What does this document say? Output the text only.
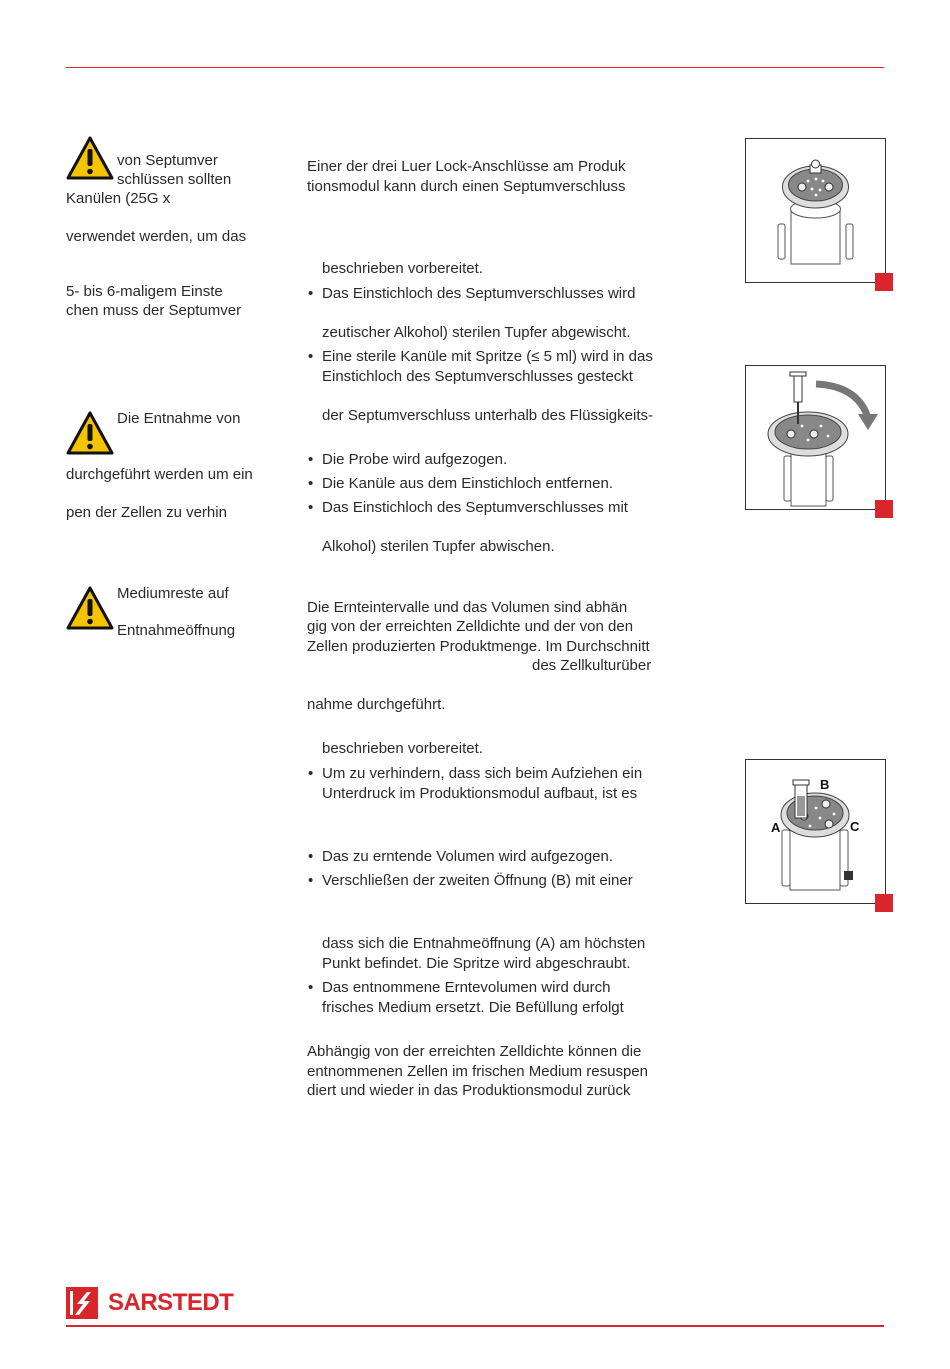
von Septumver
schlüssen sollten
Kanülen (25G x
verwendet werden, um das
5- bis 6-maligem Einste
chen muss der Septumver
Die Entnahme von
durchgeführt werden um ein
pen der Zellen zu verhin
Mediumreste auf
Entnahmeöffnung
Einer der drei Luer Lock-Anschlüsse am Produk
tionsmodul kann durch einen Septumverschluss
beschrieben vorbereitet.
• Das Einstichloch des Septumverschlusses wird
zeutischer Alkohol) sterilen Tupfer abgewischt.
• Eine sterile Kanüle mit Spritze (≤ 5 ml) wird in das
Einstichloch des Septumverschlusses gesteckt
der Septumverschluss unterhalb des Flüssigkeits-
• Die Probe wird aufgezogen.
• Die Kanüle aus dem Einstichloch entfernen.
• Das Einstichloch des Septumverschlusses mit
Alkohol) sterilen Tupfer abwischen.
Die Ernteintervalle und das Volumen sind abhän
gig von der erreichten Zelldichte und der von den
Zellen produzierten Produktmenge. Im Durchschnitt
des Zellkulturüber
nahme durchgeführt.
beschrieben vorbereitet.
• Um zu verhindern, dass sich beim Aufziehen ein
Unterdruck im Produktionsmodul aufbaut, ist es
• Das zu erntende Volumen wird aufgezogen.
• Verschließen der zweiten Öffnung (B) mit einer
dass sich die Entnahmeöffnung (A) am höchsten
Punkt befindet. Die Spritze wird abgeschraubt.
• Das entnommene Erntevolumen wird durch
frisches Medium ersetzt. Die Befüllung erfolgt
Abhängig von der erreichten Zelldichte können die
entnommenen Zellen im frischen Medium resuspen
diert und wieder in das Produktionsmodul zurück
B
A	C
SARSTEDT
